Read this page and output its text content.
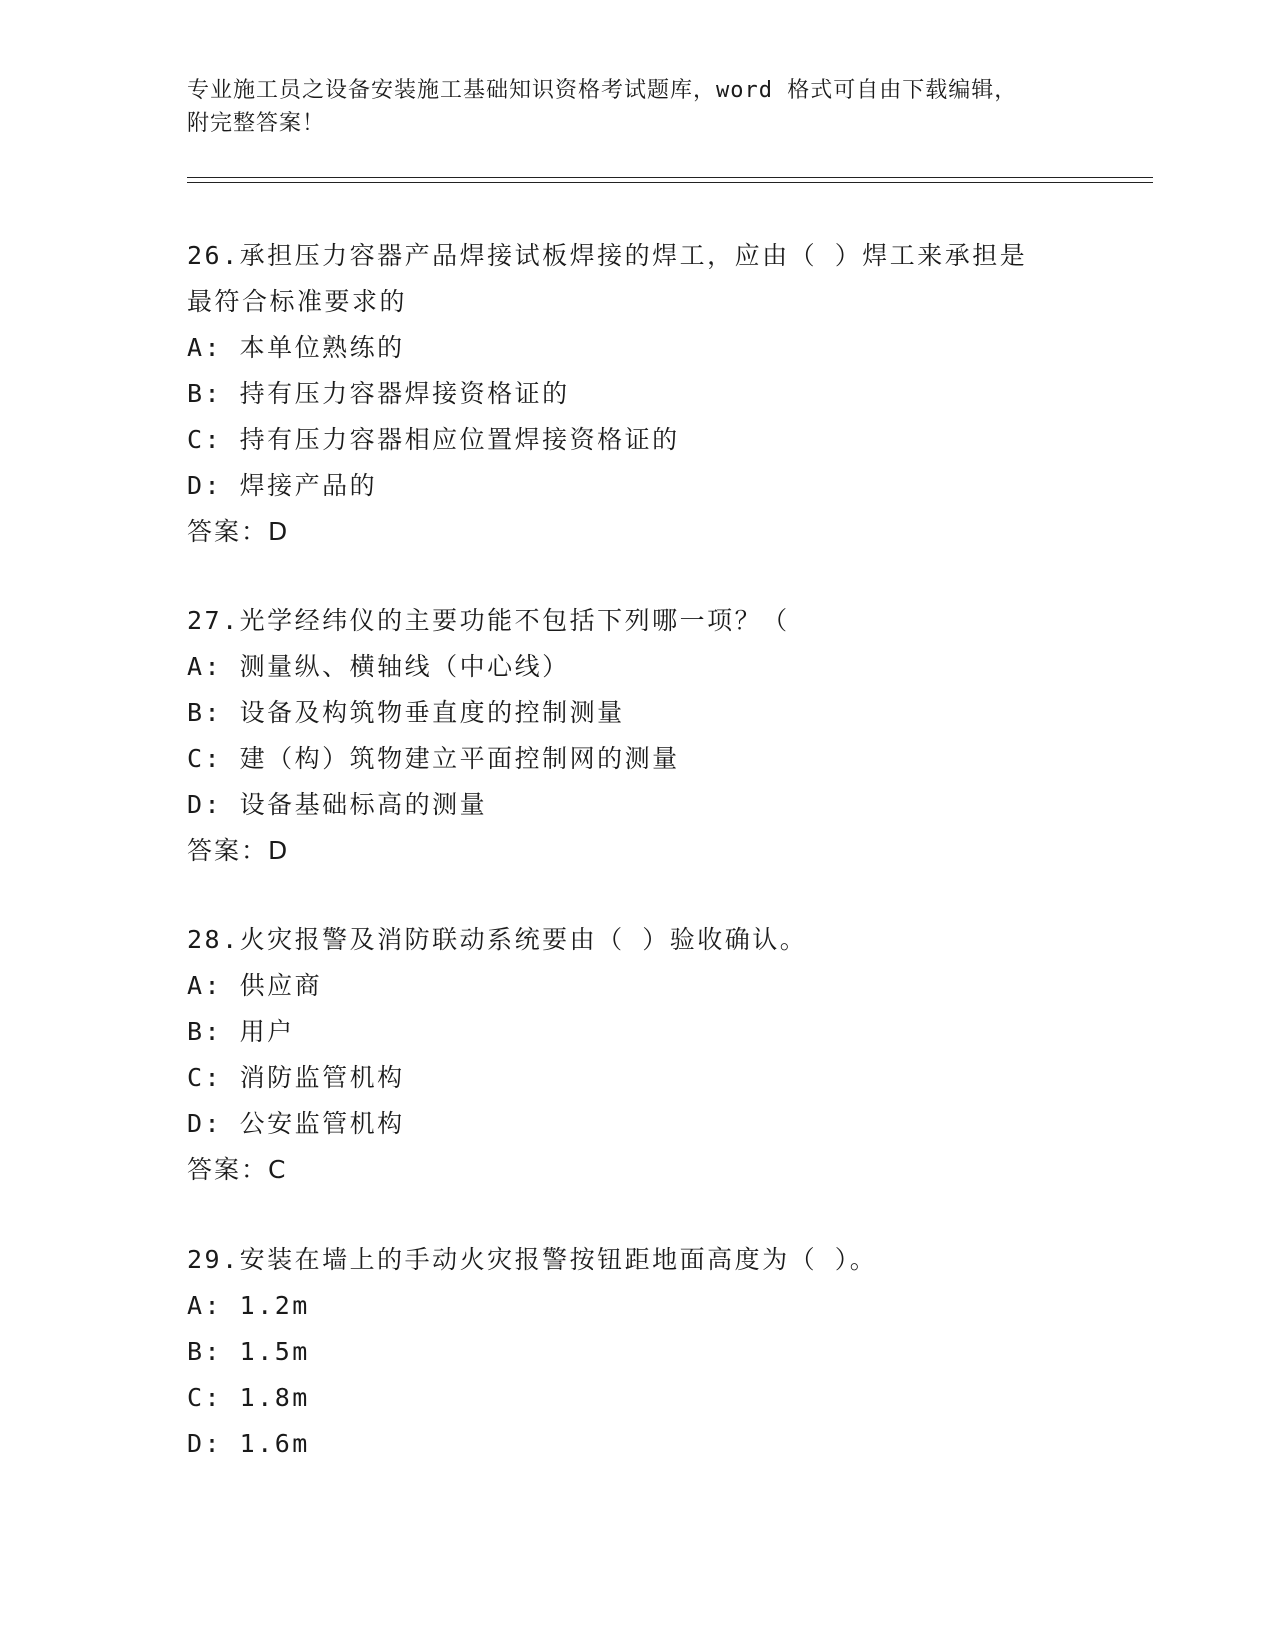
专业施工员之设备安装施工基础知识资格考试题库，word 格式可自由下载编辑，
附完整答案！
26.承担压力容器产品焊接试板焊接的焊工，应由（ ）焊工来承担是
最符合标准要求的
A: 本单位熟练的
B: 持有压力容器焊接资格证的
C: 持有压力容器相应位置焊接资格证的
D: 焊接产品的
答案：D
27.光学经纬仪的主要功能不包括下列哪一项？（
A: 测量纵、横轴线（中心线）
B: 设备及构筑物垂直度的控制测量
C: 建（构）筑物建立平面控制网的测量
D: 设备基础标高的测量
答案：D
28.火灾报警及消防联动系统要由（ ）验收确认。
A: 供应商
B: 用户
C: 消防监管机构
D: 公安监管机构
答案：C
29.安装在墙上的手动火灾报警按钮距地面高度为（ ）。
A: 1.2m
B: 1.5m
C: 1.8m
D: 1.6m
